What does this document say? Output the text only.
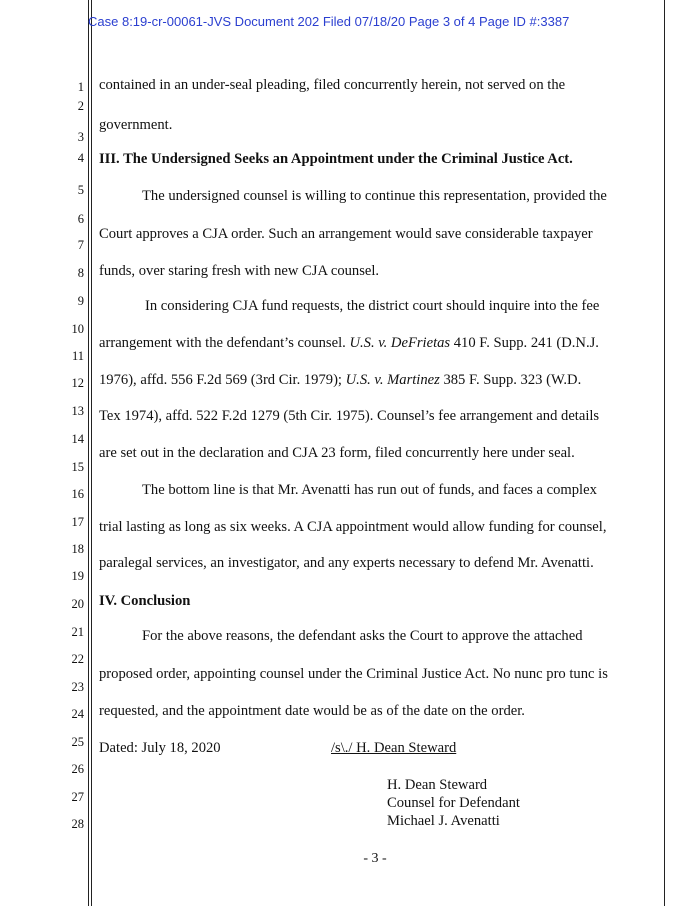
Case 8:19-cr-00061-JVS Document 202 Filed 07/18/20 Page 3 of 4 Page ID #:3387
1
2
3
4
5
6
7
8
9
10
11
12
13
14
15
16
17
18
19
20
21
22
23
24
25
26
27
28
contained in an under-seal pleading, filed concurrently herein, not served on the
government.
III. The Undersigned Seeks an Appointment under the Criminal Justice Act.
The undersigned counsel is willing to continue this representation, provided the
Court approves a CJA order. Such an arrangement would save considerable taxpayer
funds, over staring fresh with new CJA counsel.
In considering CJA fund requests, the district court should inquire into the fee
arrangement with the defendant’s counsel. U.S. v. DeFrietas 410 F. Supp. 241 (D.N.J.
1976), affd. 556 F.2d 569 (3rd Cir. 1979); U.S. v. Martinez 385 F. Supp. 323 (W.D.
Tex 1974), affd. 522 F.2d 1279 (5th Cir. 1975). Counsel’s fee arrangement and details
are set out in the declaration and CJA 23 form, filed concurrently here under seal.
The bottom line is that Mr. Avenatti has run out of funds, and faces a complex
trial lasting as long as six weeks. A CJA appointment would allow funding for counsel,
paralegal services, an investigator, and any experts necessary to defend Mr. Avenatti.
IV. Conclusion
For the above reasons, the defendant asks the Court to approve the attached
proposed order, appointing counsel under the Criminal Justice Act. No nunc pro tunc is
requested, and the appointment date would be as of the date on the order.
Dated: July 18, 2020	/s\./ H. Dean Steward
H. Dean Steward
Counsel for Defendant
Michael J. Avenatti
- 3 -
